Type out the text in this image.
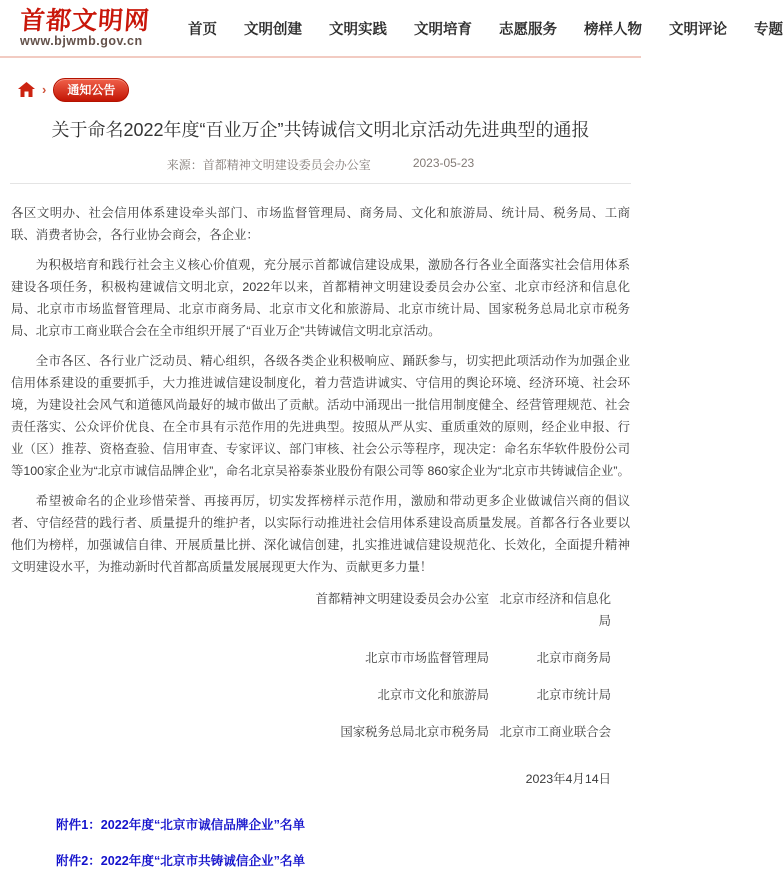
首都文明网
www.bjwmb.gov.cn
首页 文明创建 文明实践 文明培育 志愿服务 榜样人物 文明评论 专题
›	通知公告
关于命名2022年度“百业万企”共铸诚信文明北京活动先进典型的通报
来源：首都精神文明建设委员会办公室	2023-05-23

各区文明办、社会信用体系建设牵头部门、市场监督管理局、商务局、文化和旅游局、统计局、税务局、工商联、消费者协会，各行业协会商会，各企业：

为积极培育和践行社会主义核心价值观，充分展示首都诚信建设成果，激励各行各业全面落实社会信用体系建设各项任务，积极构建诚信文明北京，2022年以来，首都精神文明建设委员会办公室、北京市经济和信息化局、北京市市场监督管理局、北京市商务局、北京市文化和旅游局、北京市统计局、国家税务总局北京市税务局、北京市工商业联合会在全市组织开展了“百业万企”共铸诚信文明北京活动。

全市各区、各行业广泛动员、精心组织，各级各类企业积极响应、踊跃参与，切实把此项活动作为加强企业信用体系建设的重要抓手，大力推进诚信建设制度化，着力营造讲诚实、守信用的舆论环境、经济环境、社会环境，为建设社会风气和道德风尚最好的城市做出了贡献。活动中涌现出一批信用制度健全、经营管理规范、社会责任落实、公众评价优良、在全市具有示范作用的先进典型。按照从严从实、重质重效的原则，经企业申报、行业（区）推荐、资格查验、信用审查、专家评议、部门审核、社会公示等程序，现决定：命名东华软件股份公司等100家企业为“北京市诚信品牌企业”，命名北京吴裕泰茶业股份有限公司等 860家企业为“北京市共铸诚信企业”。

希望被命名的企业珍惜荣誉、再接再厉，切实发挥榜样示范作用，激励和带动更多企业做诚信兴商的倡议者、守信经营的践行者、质量提升的维护者，以实际行动推进社会信用体系建设高质量发展。首都各行各业要以他们为榜样，加强诚信自律、开展质量比拼、深化诚信创建，扎实推进诚信建设规范化、长效化，全面提升精神文明建设水平，为推动新时代首都高质量发展展现更大作为、贡献更多力量！

首都精神文明建设委员会办公室 北京市经济和信息化局
北京市市场监督管理局	北京市商务局
北京市文化和旅游局	北京市统计局
国家税务总局北京市税务局 北京市工商业联合会
2023年4月14日
附件1：2022年度“北京市诚信品牌企业”名单
附件2：2022年度“北京市共铸诚信企业”名单
